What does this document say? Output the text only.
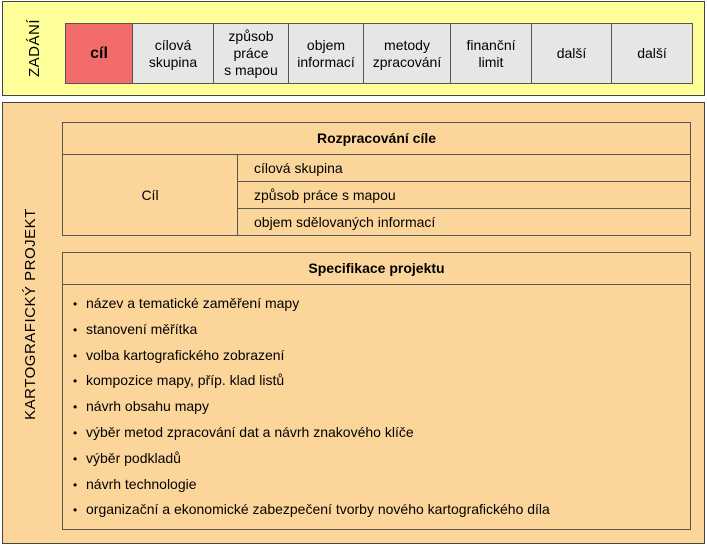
ZADÁNÍ	cíl
cílová
skupina
způsob
práce
s mapou
objem
informací
metody
zpracování
finanční
limit
další	další
KARTOGRAFICKÝ PROJEKT
Rozpracování cíle
Cíl
cílová skupina
způsob práce s mapou
objem sdělovaných informací
Specifikace projektu
• název a tematické zaměření mapy
• stanovení měřítka
• volba kartografického zobrazení
• kompozice mapy, příp. klad listů
• návrh obsahu mapy
• výběr metod zpracování dat a návrh znakového klíče
• výběr podkladů
• návrh technologie
• organizační a ekonomické zabezpečení tvorby nového kartografického díla
